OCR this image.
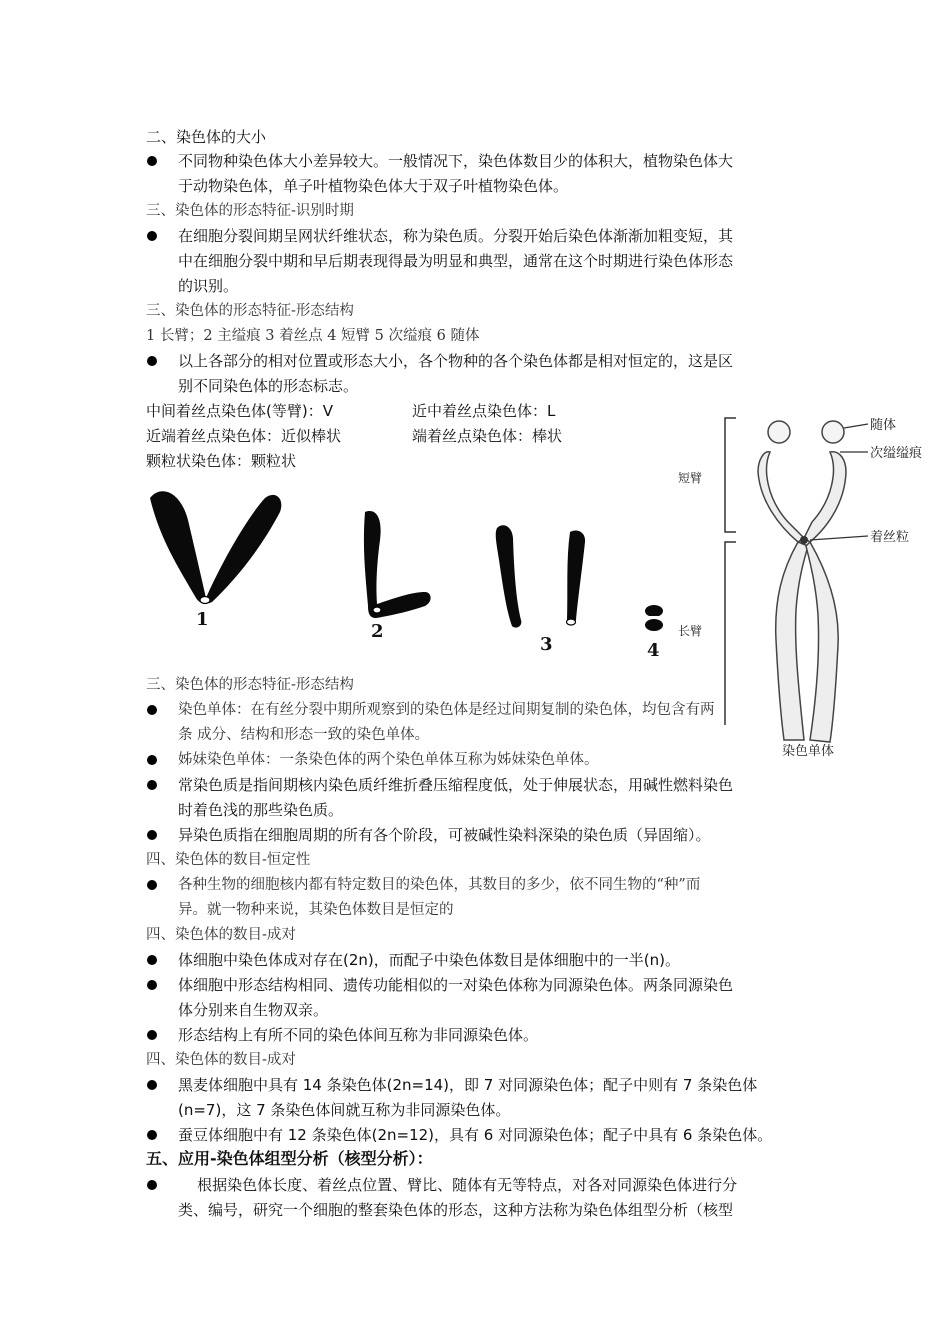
二、染色体的大小
不同物种染色体大小差异较大。一般情况下，染色体数目少的体积大，植物染色体大
于动物染色体，单子叶植物染色体大于双子叶植物染色体。
三、染色体的形态特征-识别时期
在细胞分裂间期呈网状纤维状态，称为染色质。分裂开始后染色体渐渐加粗变短，其
中在细胞分裂中期和早后期表现得最为明显和典型，通常在这个时期进行染色体形态
的识别。
三、染色体的形态特征-形态结构
1 长臂；2 主缢痕 3 着丝点 4 短臂 5 次缢痕 6 随体
以上各部分的相对位置或形态大小，各个物种的各个染色体都是相对恒定的，这是区
别不同染色体的形态标志。
中间着丝点染色体(等臂)：V	近中着丝点染色体：L
近端着丝点染色体：近似棒状	端着丝点染色体：棒状
颗粒状染色体：颗粒状
1
2
3	4
随体
次缢缢痕
短臂
着丝粒
长臂
染色单体
三、染色体的形态特征-形态结构
染色单体：在有丝分裂中期所观察到的染色体是经过间期复制的染色体，均包含有两
条 成分、结构和形态一致的染色单体。
姊妹染色单体：一条染色体的两个染色单体互称为姊妹染色单体。
常染色质是指间期核内染色质纤维折叠压缩程度低，处于伸展状态，用碱性燃料染色
时着色浅的那些染色质。
异染色质指在细胞周期的所有各个阶段，可被碱性染料深染的染色质（异固缩）。
四、染色体的数目-恒定性
各种生物的细胞核内都有特定数目的染色体，其数目的多少，依不同生物的“种”而
异。就一物种来说，其染色体数目是恒定的
四、染色体的数目-成对
体细胞中染色体成对存在(2n)，而配子中染色体数目是体细胞中的一半(n)。
体细胞中形态结构相同、遗传功能相似的一对染色体称为同源染色体。两条同源染色
体分别来自生物双亲。
形态结构上有所不同的染色体间互称为非同源染色体。
四、染色体的数目-成对
黑麦体细胞中具有 14 条染色体(2n=14)，即 7 对同源染色体；配子中则有 7 条染色体
(n=7)，这 7 条染色体间就互称为非同源染色体。
蚕豆体细胞中有 12 条染色体(2n=12)，具有 6 对同源染色体；配子中具有 6 条染色体。
五、应用-染色体组型分析（核型分析）：
根据染色体长度、着丝点位置、臂比、随体有无等特点，对各对同源染色体进行分
类、编号，研究一个细胞的整套染色体的形态，这种方法称为染色体组型分析（核型
